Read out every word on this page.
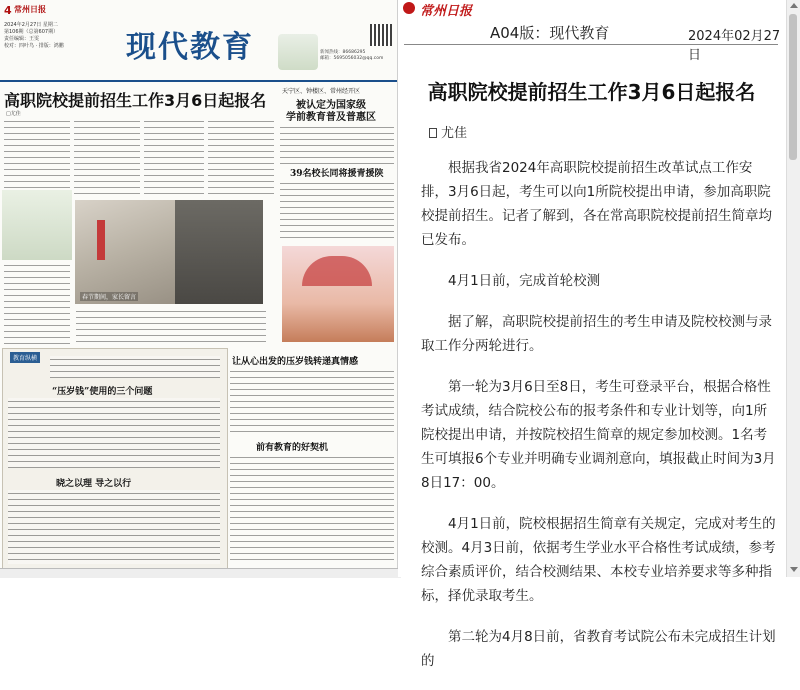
4 常州日报
2024年2月27日 星期二
第106期（总第607期）
责任编辑：王雯
校对：四叶鸟 · 排版：鸿鹏 现代教育	新闻热线：86686295
邮箱：5695056032@qq.com
高职院校提前招生工作3月6日起报名
□尤佳
天宁区、钟楼区、常州经开区
被认定为国家级
学前教育普及普惠区
39名校长同将援青援陕
春节期间，家长留言
教育纵横
“压岁钱”使用的三个问题
晓之以理 导之以行
让从心出发的压岁钱转递真情感
前有教育的好契机
常州日报
A04版：现代教育	2024年02月27日
高职院校提前招生工作3月6日起报名
尤佳

根据我省2024年高职院校提前招生改革试点工作安排，3月6日起，考生可以向1所院校提出申请，参加高职院校提前招生。记者了解到，各在常高职院校提前招生简章均已发布。

4月1日前，完成首轮校测

据了解，高职院校提前招生的考生申请及院校校测与录取工作分两轮进行。

第一轮为3月6日至8日，考生可登录平台，根据合格性考试成绩，结合院校公布的报考条件和专业计划等，向1所院校提出申请，并按院校招生简章的规定参加校测。1名考生可填报6个专业并明确专业调剂意向，填报截止时间为3月8日17：00。

4月1日前，院校根据招生简章有关规定，完成对考生的校测。4月3日前，依据考生学业水平合格性考试成绩，参考综合素质评价，结合校测结果、本校专业培养要求等多种指标，择优录取考生。

第二轮为4月8日前，省教育考试院公布未完成招生计划的
